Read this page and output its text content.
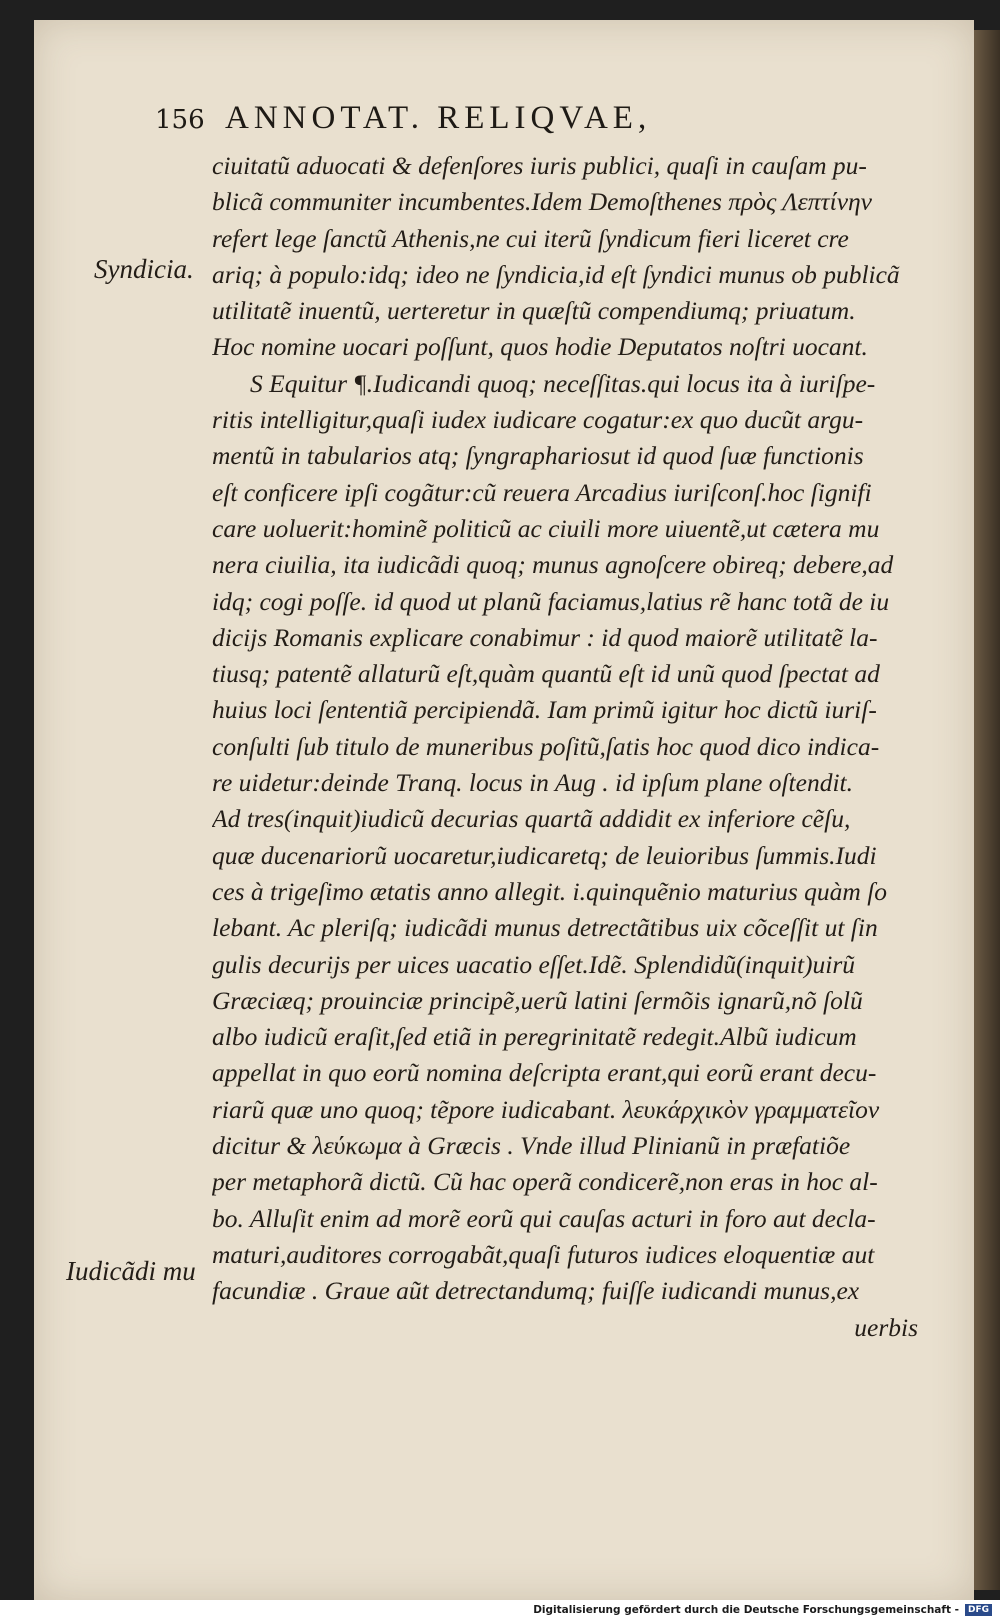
156 ANNOTAT. RELIQVAE,
Syndicia.
Iudicãdi mu
ciuitatũ aduocati & defenſores iuris publici, quaſi in cauſam pu-
blicã communiter incumbentes.Idem Demoſthenes πρὸς Λεπτίνην
refert lege ſanctũ Athenis,ne cui iterũ ſyndicum fieri liceret cre
ariq; à populo:idq; ideo ne ſyndicia,id eſt ſyndici munus ob publicã
utilitatẽ inuentũ, uerteretur in quæſtũ compendiumq; priuatum.
Hoc nomine uocari poſſunt, quos hodie Deputatos noſtri uocant.
S Equitur ¶.Iudicandi quoq; neceſſitas.qui locus ita à iuriſpe-
ritis intelligitur,quaſi iudex iudicare cogatur:ex quo ducũt argu-
mentũ in tabularios atq; ſyngraphariosut id quod ſuæ functionis
eſt conficere ipſi cogãtur:cũ reuera Arcadius iuriſconſ.hoc ſignifi
care uoluerit:hominẽ politicũ ac ciuili more uiuentẽ,ut cætera mu
nera ciuilia, ita iudicãdi quoq; munus agnoſcere obireq; debere,ad
idq; cogi poſſe. id quod ut planũ faciamus,latius rẽ hanc totã de iu
dicijs Romanis explicare conabimur : id quod maiorẽ utilitatẽ la-
tiusq; patentẽ allaturũ eſt,quàm quantũ eſt id unũ quod ſpectat ad
huius loci ſententiã percipiendã. Iam primũ igitur hoc dictũ iuriſ-
conſulti ſub titulo de muneribus poſitũ,ſatis hoc quod dico indica-
re uidetur:deinde Tranq. locus in Aug . id ipſum plane oſtendit.
Ad tres(inquit)iudicũ decurias quartã addidit ex inferiore cẽſu,
quæ ducenariorũ uocaretur,iudicaretq; de leuioribus ſummis.Iudi
ces à trigeſimo ætatis anno allegit. i.quinquẽnio maturius quàm ſo
lebant. Ac pleriſq; iudicãdi munus detrectãtibus uix cõceſſit ut ſin
gulis decurijs per uices uacatio eſſet.Idẽ. Splendidũ(inquit)uirũ
Græciæq; prouinciæ principẽ,uerũ latini ſermõis ignarũ,nõ ſolũ
albo iudicũ eraſit,ſed etiã in peregrinitatẽ redegit.Albũ iudicum
appellat in quo eorũ nomina deſcripta erant,qui eorũ erant decu-
riarũ quæ uno quoq; tẽpore iudicabant. λευκάρχικὸν γραμματεῖον
dicitur & λεύκωμα à Græcis . Vnde illud Plinianũ in præfatiõe
per metaphorã dictũ. Cũ hac operã condicerẽ,non eras in hoc al-
bo. Alluſit enim ad morẽ eorũ qui cauſas acturi in foro aut decla-
maturi,auditores corrogabãt,quaſi futuros iudices eloquentiæ aut
facundiæ . Graue aũt detrectandumq; fuiſſe iudicandi munus,ex
uerbis
Digitalisierung gefördert durch die Deutsche Forschungsgemeinschaft -	DFG
